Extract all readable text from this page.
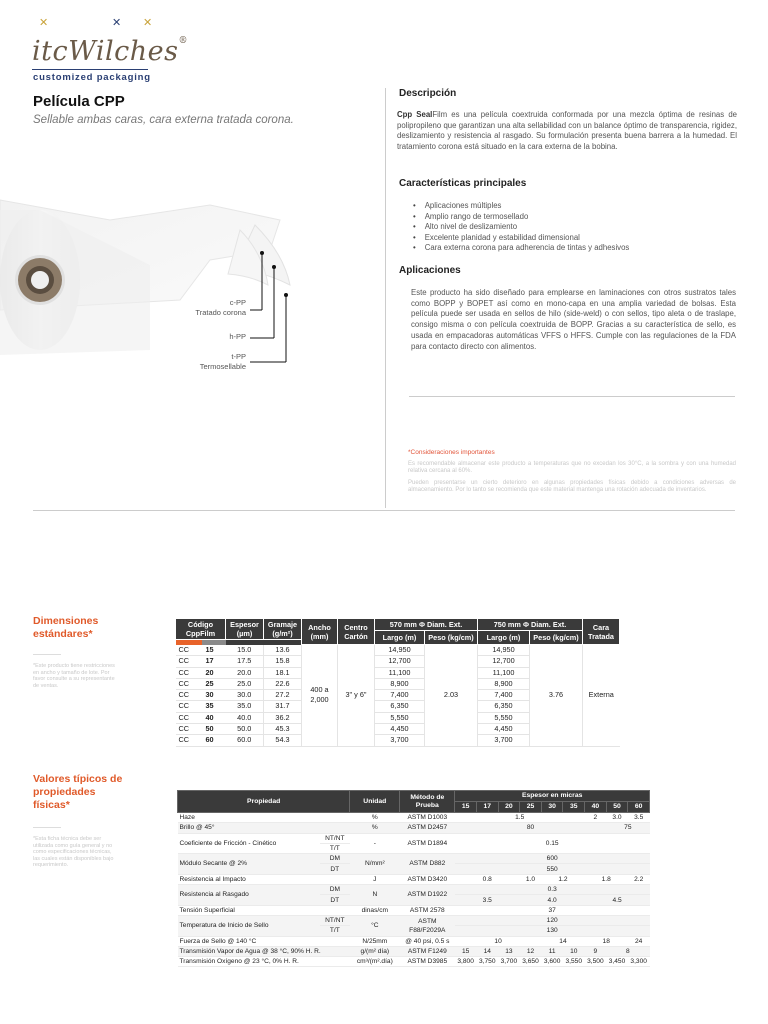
✕	✕ ✕
itcWilches®
customized packaging
Película CPP
Sellable ambas caras, cara externa tratada corona.
c-PP
Tratado corona
h-PP
t-PP
Termosellable
Descripción
Cpp SealFilm es una película coextruida conformada por una mezcla óptima de resinas de polipropileno que garantizan una alta sellabilidad con un balance óptimo de transparencia, rigidez, deslizamiento y resistencia al rasgado. Su formulación presenta buena barrera a la humedad. El tratamiento corona está situado en la cara externa de la bobina.
Características principales
• Aplicaciones múltiples
• Amplio rango de termosellado
• Alto nivel de deslizamiento
• Excelente planidad y estabilidad dimensional
• Cara externa corona para adherencia de tintas y adhesivos
Aplicaciones
Este producto ha sido diseñado para emplearse en laminaciones con otros sustratos tales como BOPP y BOPET así como en mono-capa en una amplia variedad de bolsas. Esta película puede ser usada en sellos de hilo (side-weld) o con sellos, tipo aleta o de traslape, consigo misma o con película coextruida de BOPP. Gracias a su característica de sello, es usada en empacadoras automáticas VFFS o HFFS. Cumple con las regulaciones de la FDA para contacto directo con alimentos.
*Consideraciones importantes
Es recomendable almacenar este producto a temperaturas que no excedan los 30°C, a la sombra y con una humedad relativa cercana al 60%.
Pueden presentarse un cierto deterioro en algunas propiedades físicas debido a condiciones adversas de almacenamiento. Por lo tanto se recomienda que este material mantenga una rotación adecuada de inventarios.
Dimensiones estándares*
*Este producto tiene restricciones en ancho y tamaño de lote. Por favor consulte a su representante de ventas.
Código CppFilm		Espesor (µm)	Gramaje (g/m²)	Ancho (mm)	Centro Cartón	570 mm Φ Diam. Ext.		750 mm Φ Diam. Ext.		Cara Tratada
						Largo (m)	Peso (kg/cm)	Largo (m)	Peso (kg/cm)	

CC	15	15.0	13.6	400 a 2,000	3" y 6"	14,950	2.03	14,950	3.76	Externa
CC	17	17.5	15.8			12,700		12,700		
CC	20	20.0	18.1			11,100		11,100		
CC	25	25.0	22.6			8,900		8,900		
CC	30	30.0	27.2			7,400		7,400		
CC	35	35.0	31.7			6,350		6,350		
CC	40	40.0	36.2			5,550		5,550		
CC	50	50.0	45.3			4,450		4,450		
CC	60	60.0	54.3			3,700		3,700		
Valores típicos de propiedades físicas*
*Esta ficha técnica debe ser utilizada como guía general y no como especificaciones técnicas, las cuales están disponibles bajo requerimiento.
Propiedad		Unidad	Método de Prueba	Espesor en micras								
				15	17	20	25	30	35	40	50	60
Haze		%	ASTM D1003	1.5						2	3.0	3.5
Brillo @ 45°		%	ASTM D2457	80							75	
Coeficiente de Fricción - Cinético	NT/NT	-	ASTM D1894	0.15								
	T/T											
Módulo Secante @ 2%	DM	N/mm²	ASTM D882	600								
	DT			550								
Resistencia al Impacto		J	ASTM D3420	0.8			1.0	1.2		1.8		2.2
Resistencia al Rasgado	DM	N	ASTM D1922	0.3								
	DT			3.5			4.0			4.5		
Tensión Superficial		dinas/cm	ASTM 2578	37								
Temperatura de Inicio de Sello	NT/NT	°C	ASTM F88/F2029A	120								
	T/T			130								
Fuerza de Sello @ 140 °C		N/25mm	@ 40 psi, 0.5 s	10				14		18		24
Transmisión Vapor de Agua @ 38 °C, 90% H. R.		g/(m² día)	ASTM F1249	15	14	13	12	11	10	9	8	
Transmisión Oxígeno @ 23 °C, 0% H. R.		cm³/(m².día)	ASTM D3985	3,800	3,750	3,700	3,650	3,600	3,550	3,500	3,450	3,300
